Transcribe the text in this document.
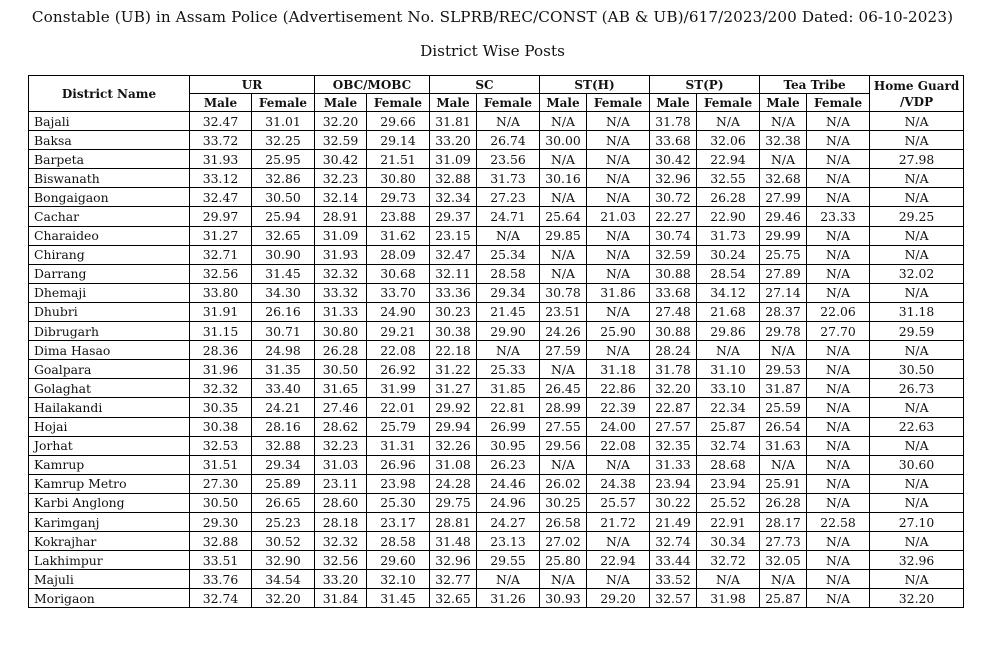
Constable (UB) in Assam Police (Advertisement No. SLPRB/REC/CONST (AB & UB)/617/2023/200 Dated: 06-10-2023)
District Wise Posts
District Name	UR		OBC/MOBC		SC		ST(H)		ST(P)		Tea Tribe		Home Guard /VDP
	Male	Female	Male	Female	Male	Female	Male	Female	Male	Female	Male	Female	
Bajali	32.47	31.01	32.20	29.66	31.81	N/A	N/A	N/A	31.78	N/A	N/A	N/A	N/A
Baksa	33.72	32.25	32.59	29.14	33.20	26.74	30.00	N/A	33.68	32.06	32.38	N/A	N/A
Barpeta	31.93	25.95	30.42	21.51	31.09	23.56	N/A	N/A	30.42	22.94	N/A	N/A	27.98
Biswanath	33.12	32.86	32.23	30.80	32.88	31.73	30.16	N/A	32.96	32.55	32.68	N/A	N/A
Bongaigaon	32.47	30.50	32.14	29.73	32.34	27.23	N/A	N/A	30.72	26.28	27.99	N/A	N/A
Cachar	29.97	25.94	28.91	23.88	29.37	24.71	25.64	21.03	22.27	22.90	29.46	23.33	29.25
Charaideo	31.27	32.65	31.09	31.62	23.15	N/A	29.85	N/A	30.74	31.73	29.99	N/A	N/A
Chirang	32.71	30.90	31.93	28.09	32.47	25.34	N/A	N/A	32.59	30.24	25.75	N/A	N/A
Darrang	32.56	31.45	32.32	30.68	32.11	28.58	N/A	N/A	30.88	28.54	27.89	N/A	32.02
Dhemaji	33.80	34.30	33.32	33.70	33.36	29.34	30.78	31.86	33.68	34.12	27.14	N/A	N/A
Dhubri	31.91	26.16	31.33	24.90	30.23	21.45	23.51	N/A	27.48	21.68	28.37	22.06	31.18
Dibrugarh	31.15	30.71	30.80	29.21	30.38	29.90	24.26	25.90	30.88	29.86	29.78	27.70	29.59
Dima Hasao	28.36	24.98	26.28	22.08	22.18	N/A	27.59	N/A	28.24	N/A	N/A	N/A	N/A
Goalpara	31.96	31.35	30.50	26.92	31.22	25.33	N/A	31.18	31.78	31.10	29.53	N/A	30.50
Golaghat	32.32	33.40	31.65	31.99	31.27	31.85	26.45	22.86	32.20	33.10	31.87	N/A	26.73
Hailakandi	30.35	24.21	27.46	22.01	29.92	22.81	28.99	22.39	22.87	22.34	25.59	N/A	N/A
Hojai	30.38	28.16	28.62	25.79	29.94	26.99	27.55	24.00	27.57	25.87	26.54	N/A	22.63
Jorhat	32.53	32.88	32.23	31.31	32.26	30.95	29.56	22.08	32.35	32.74	31.63	N/A	N/A
Kamrup	31.51	29.34	31.03	26.96	31.08	26.23	N/A	N/A	31.33	28.68	N/A	N/A	30.60
Kamrup Metro	27.30	25.89	23.11	23.98	24.28	24.46	26.02	24.38	23.94	23.94	25.91	N/A	N/A
Karbi Anglong	30.50	26.65	28.60	25.30	29.75	24.96	30.25	25.57	30.22	25.52	26.28	N/A	N/A
Karimganj	29.30	25.23	28.18	23.17	28.81	24.27	26.58	21.72	21.49	22.91	28.17	22.58	27.10
Kokrajhar	32.88	30.52	32.32	28.58	31.48	23.13	27.02	N/A	32.74	30.34	27.73	N/A	N/A
Lakhimpur	33.51	32.90	32.56	29.60	32.96	29.55	25.80	22.94	33.44	32.72	32.05	N/A	32.96
Majuli	33.76	34.54	33.20	32.10	32.77	N/A	N/A	N/A	33.52	N/A	N/A	N/A	N/A
Morigaon	32.74	32.20	31.84	31.45	32.65	31.26	30.93	29.20	32.57	31.98	25.87	N/A	32.20
